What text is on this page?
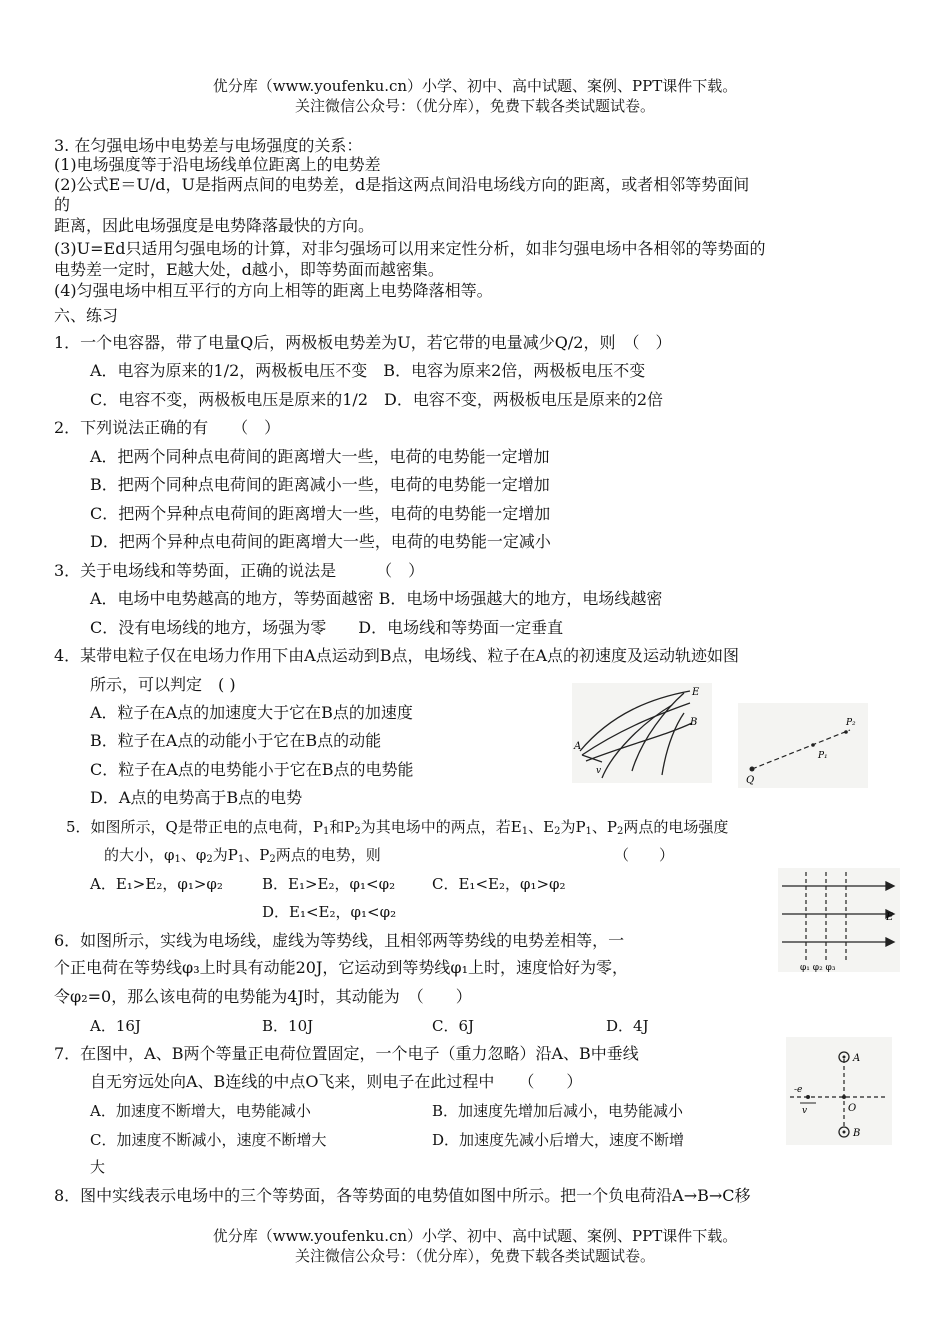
优分库（www.youfenku.cn）小学、初中、高中试题、案例、PPT课件下载。
关注微信公众号：（优分库），免费下载各类试题试卷。
3. 在匀强电场中电势差与电场强度的关系：
(1)电场强度等于沿电场线单位距离上的电势差
(2)公式E＝U/d，U是指两点间的电势差，d是指这两点间沿电场线方向的距离，或者相邻等势面间
的
距离，因此电场强度是电势降落最快的方向。
(3)U=Ed只适用匀强电场的计算，对非匀强场可以用来定性分析，如非匀强电场中各相邻的等势面的
电势差一定时，E越大处，d越小，即等势面而越密集。
(4)匀强电场中相互平行的方向上相等的距离上电势降落相等。
六、练习
1．一个电容器，带了电量Q后，两极板电势差为U，若它带的电量减少Q/2，则　（　）
A．电容为原来的1/2，两极板电压不变　B．电容为原来2倍，两极板电压不变
C．电容不变，两极板电压是原来的1/2　D．电容不变，两极板电压是原来的2倍
2．下列说法正确的有　　（　）
A．把两个同种点电荷间的距离增大一些，电荷的电势能一定增加
B．把两个同种点电荷间的距离减小一些，电荷的电势能一定增加
C．把两个异种点电荷间的距离增大一些，电荷的电势能一定增加
D．把两个异种点电荷间的距离增大一些，电荷的电势能一定减小
3．关于电场线和等势面，正确的说法是　　　（　）
A．电场中电势越高的地方，等势面越密 B．电场中场强越大的地方，电场线越密
C．没有电场线的地方，场强为零　　D．电场线和等势面一定垂直
4．某带电粒子仅在电场力作用下由A点运动到B点，电场线、粒子在A点的初速度及运动轨迹如图
所示，可以判定　( )
A．粒子在A点的加速度大于它在B点的加速度
B．粒子在A点的动能小于它在B点的动能
C．粒子在A点的电势能小于它在B点的电势能
D．A点的电势高于B点的电势
A
E
B
v
Q
P₁
P₂
5．如图所示，Q是带正电的点电荷，$P_1$和$P_2$为其电场中的两点，若$E_1$、$E_2$为$P_1$、$P_2$两点的电场强度
的大小，$\varphi_1$、$\varphi_2$为$P_1$、$P_2$两点的电势，则	（　　）
A．E₁>E₂，φ₁>φ₂	B．E₁>E₂，φ₁<φ₂ C．E₁<E₂，φ₁>φ₂
D．E₁<E₂，φ₁<φ₂	E
φ₁ φ₂ φ₃
6．如图所示，实线为电场线，虚线为等势线，且相邻两等势线的电势差相等，一
个正电荷在等势线φ₃上时具有动能20J，它运动到等势线φ₁上时，速度恰好为零，
令φ₂=0，那么该电荷的电势能为4J时，其动能为　（　　）
A．16J	B．10J	C．6J	D．4J
A
B
O
-e
v
7．在图中，A、B两个等量正电荷位置固定，一个电子（重力忽略）沿A、B中垂线
自无穷远处向A、B连线的中点O飞来，则电子在此过程中　　（　　）
A．加速度不断增大，电势能减小	B．加速度先增加后减小，电势能减小
C．加速度不断减小，速度不断增大	D．加速度先减小后增大，速度不断增
大
8．图中实线表示电场中的三个等势面，各等势面的电势值如图中所示。把一个负电荷沿A→B→C移
优分库（www.youfenku.cn）小学、初中、高中试题、案例、PPT课件下载。
关注微信公众号：（优分库），免费下载各类试题试卷。
